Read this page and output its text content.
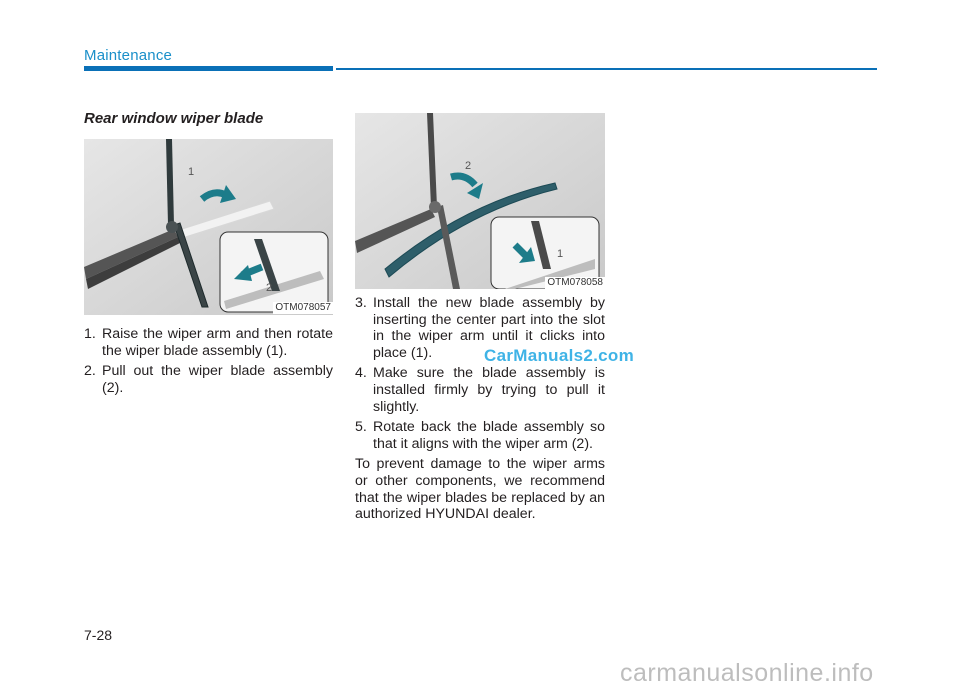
Maintenance
Rear window wiper blade
1
2
OTM078057
2
1
OTM078058
1. Raise the wiper arm and then rotate the wiper blade assembly (1).
2. Pull out the wiper blade assembly (2).
3. Install the new blade assembly by inserting the center part into the slot in the wiper arm until it clicks into place (1).
4. Make sure the blade assembly is installed firmly by trying to pull it slightly.
5. Rotate back the blade assembly so that it aligns with the wiper arm (2).
To prevent damage to the wiper arms or other components, we recommend that the wiper blades be replaced by an authorized HYUNDAI dealer.
CarManuals2.com
7-28
carmanualsonline.info
